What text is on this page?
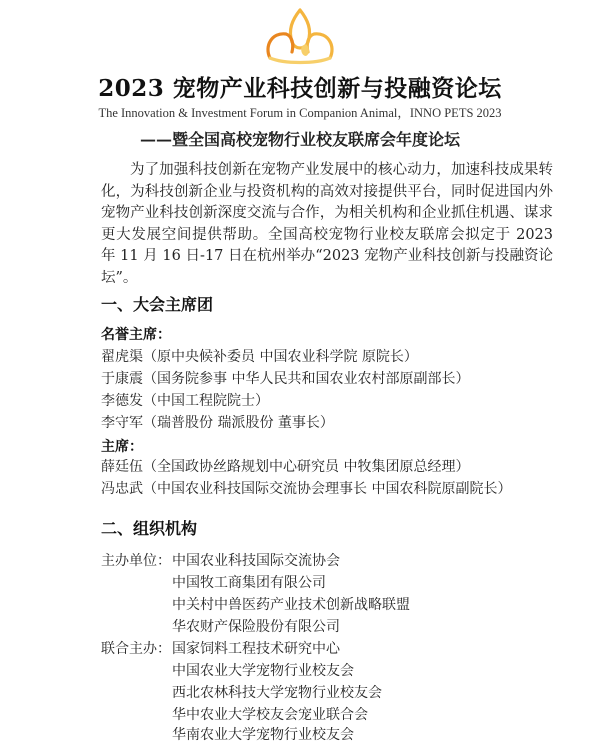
2023 宠物产业科技创新与投融资论坛
The Innovation & Investment Forum in Companion Animal，INNO PETS 2023
——暨全国高校宠物行业校友联席会年度论坛
为了加强科技创新在宠物产业发展中的核心动力，加速科技成果转化，为科技创新企业与投资机构的高效对接提供平台，同时促进国内外宠物产业科技创新深度交流与合作，为相关机构和企业抓住机遇、谋求更大发展空间提供帮助。全国高校宠物行业校友联席会拟定于 2023 年 11 月 16 日-17 日在杭州举办“2023 宠物产业科技创新与投融资论坛”。
一、大会主席团
名誉主席：
翟虎渠（原中央候补委员 中国农业科学院 原院长）
于康震（国务院参事 中华人民共和国农业农村部原副部长）
李德发（中国工程院院士）
李守军（瑞普股份 瑞派股份 董事长）
主席：
薛廷伍（全国政协丝路规划中心研究员 中牧集团原总经理）
冯忠武（中国农业科技国际交流协会理事长 中国农科院原副院长）
二、组织机构
主办单位： 中国农业科技国际交流协会
中国牧工商集团有限公司
中关村中兽医药产业技术创新战略联盟
华农财产保险股份有限公司
联合主办： 国家饲料工程技术研究中心
中国农业大学宠物行业校友会
西北农林科技大学宠物行业校友会
华中农业大学校友会宠业联合会
华南农业大学宠物行业校友会
